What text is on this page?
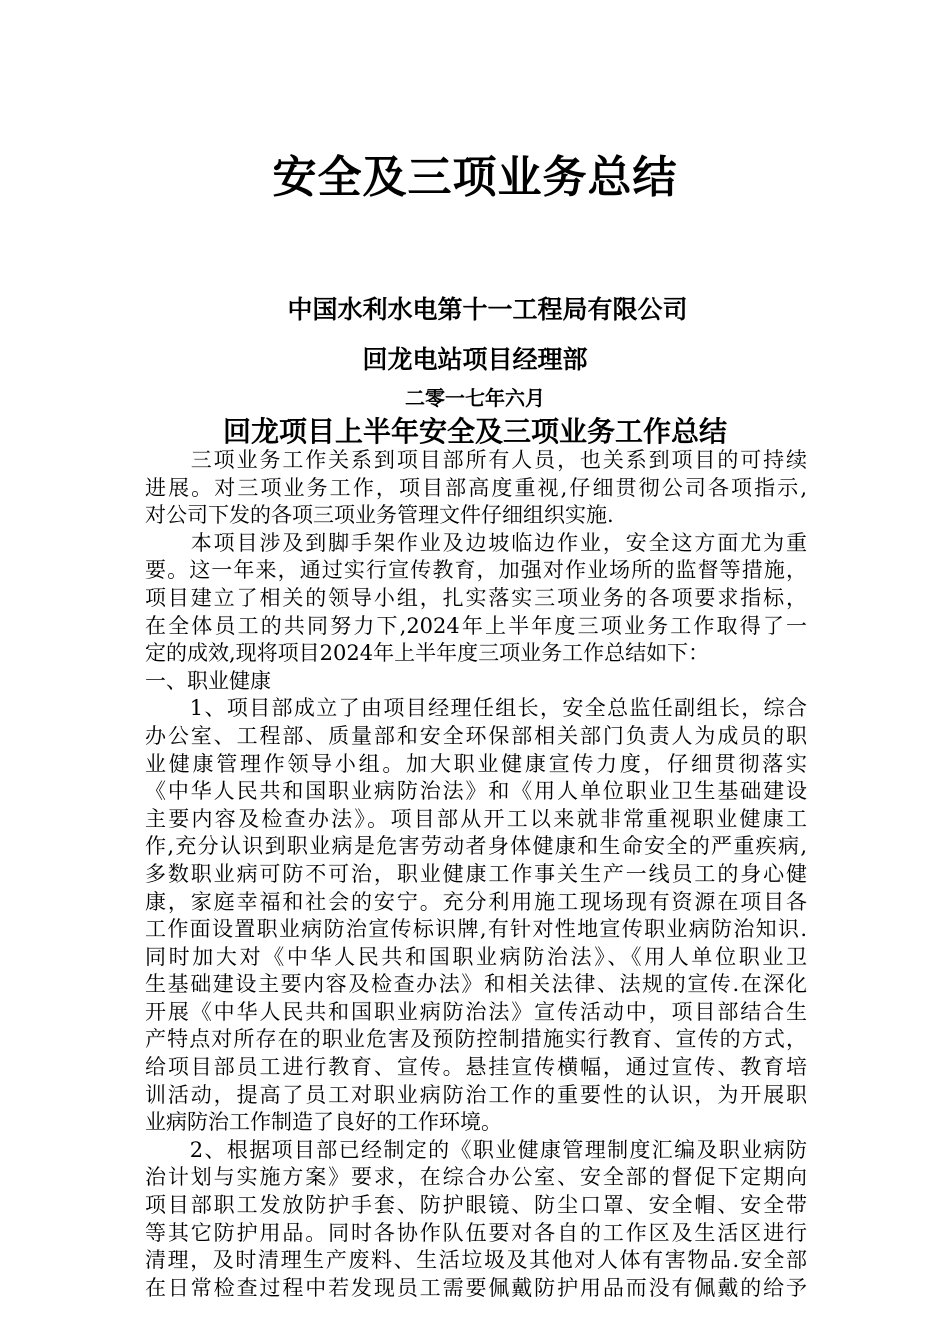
安全及三项业务总结
中国水利水电第十一工程局有限公司
回龙电站项目经理部
二零一七年六月
回龙项目上半年安全及三项业务工作总结
　　三项业务工作关系到项目部所有人员，也关系到项目的可持续
进展。对三项业务工作，项目部高度重视,仔细贯彻公司各项指示,
对公司下发的各项三项业务管理文件仔细组织实施.
　　本项目涉及到脚手架作业及边坡临边作业，安全这方面尤为重
要。这一年来，通过实行宣传教育，加强对作业场所的监督等措施，
项目建立了相关的领导小组，扎实落实三项业务的各项要求指标，
在全体员工的共同努力下,2024年上半年度三项业务工作取得了一
定的成效,现将项目2024年上半年度三项业务工作总结如下：
一、职业健康
　　1、项目部成立了由项目经理任组长，安全总监任副组长，综合
办公室、工程部、质量部和安全环保部相关部门负责人为成员的职
业健康管理作领导小组。加大职业健康宣传力度，仔细贯彻落实
《中华人民共和国职业病防治法》和《用人单位职业卫生基础建设
主要内容及检查办法》。项目部从开工以来就非常重视职业健康工
作,充分认识到职业病是危害劳动者身体健康和生命安全的严重疾病,
多数职业病可防不可治，职业健康工作事关生产一线员工的身心健
康，家庭幸福和社会的安宁。充分利用施工现场现有资源在项目各
工作面设置职业病防治宣传标识牌,有针对性地宣传职业病防治知识.
同时加大对《中华人民共和国职业病防治法》、《用人单位职业卫
生基础建设主要内容及检查办法》和相关法律、法规的宣传.在深化
开展《中华人民共和国职业病防治法》宣传活动中，项目部结合生
产特点对所存在的职业危害及预防控制措施实行教育、宣传的方式，
给项目部员工进行教育、宣传。悬挂宣传横幅，通过宣传、教育培
训活动，提高了员工对职业病防治工作的重要性的认识，为开展职
业病防治工作制造了良好的工作环境。
　　2、根据项目部已经制定的《职业健康管理制度汇编及职业病防
治计划与实施方案》要求，在综合办公室、安全部的督促下定期向
项目部职工发放防护手套、防护眼镜、防尘口罩、安全帽、安全带
等其它防护用品。同时各协作队伍要对各自的工作区及生活区进行
清理，及时清理生产废料、生活垃圾及其他对人体有害物品.安全部
在日常检查过程中若发现员工需要佩戴防护用品而没有佩戴的给予
